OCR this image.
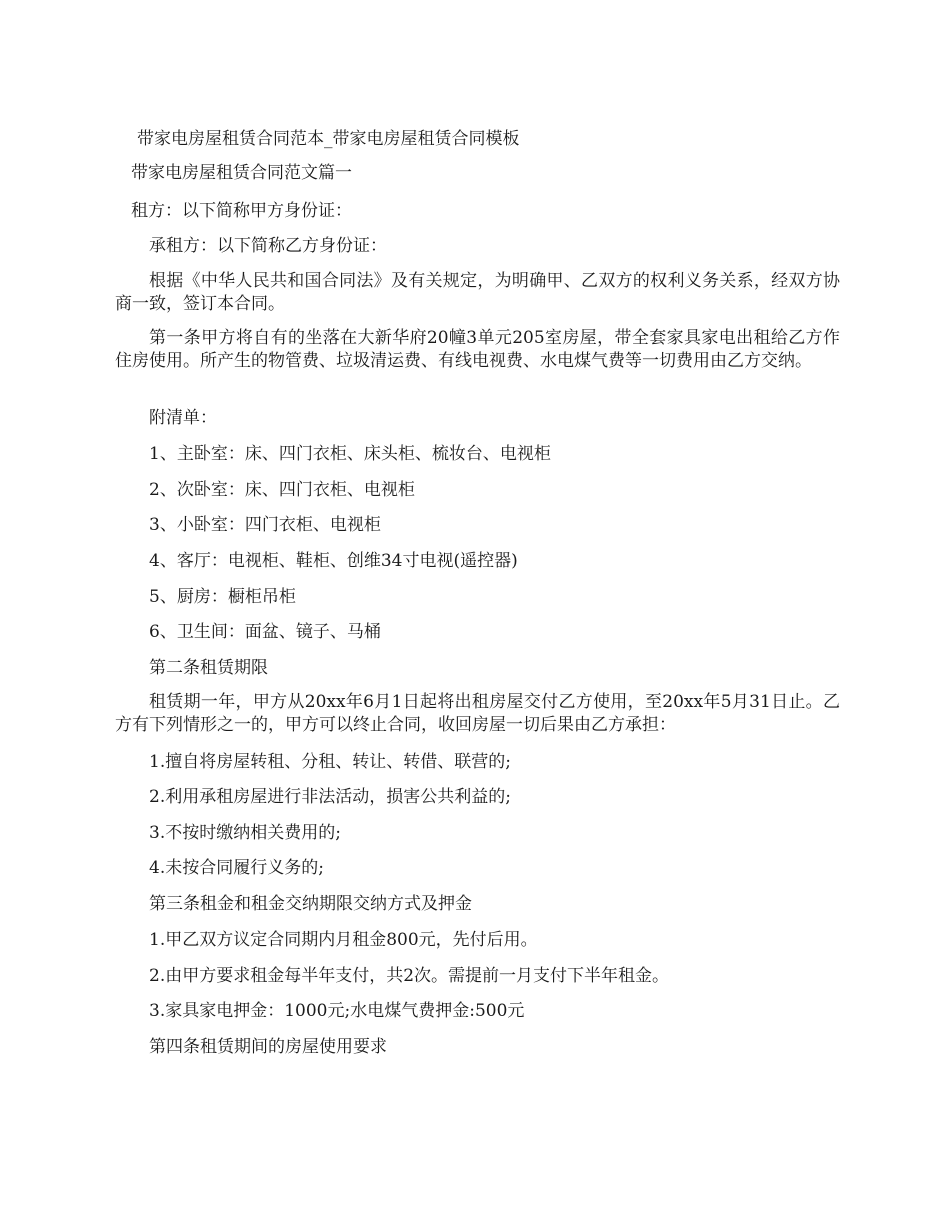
带家电房屋租赁合同范本_带家电房屋租赁合同模板
带家电房屋租赁合同范文篇一
租方：以下简称甲方身份证：
承租方：以下简称乙方身份证：
根据《中华人民共和国合同法》及有关规定，为明确甲、乙双方的权利义务关系，经双方协商一致，签订本合同。
第一条甲方将自有的坐落在大新华府20幢3单元205室房屋，带全套家具家电出租给乙方作住房使用。所产生的物管费、垃圾清运费、有线电视费、水电煤气费等一切费用由乙方交纳。
附清单：
1、主卧室：床、四门衣柜、床头柜、梳妆台、电视柜
2、次卧室：床、四门衣柜、电视柜
3、小卧室：四门衣柜、电视柜
4、客厅：电视柜、鞋柜、创维34寸电视(遥控器)
5、厨房：橱柜吊柜
6、卫生间：面盆、镜子、马桶
第二条租赁期限
租赁期一年，甲方从20xx年6月1日起将出租房屋交付乙方使用，至20xx年5月31日止。乙方有下列情形之一的，甲方可以终止合同，收回房屋一切后果由乙方承担：
1.擅自将房屋转租、分租、转让、转借、联营的;
2.利用承租房屋进行非法活动，损害公共利益的;
3.不按时缴纳相关费用的;
4.未按合同履行义务的;
第三条租金和租金交纳期限交纳方式及押金
1.甲乙双方议定合同期内月租金800元，先付后用。
2.由甲方要求租金每半年支付，共2次。需提前一月支付下半年租金。
3.家具家电押金：1000元;水电煤气费押金:500元
第四条租赁期间的房屋使用要求
